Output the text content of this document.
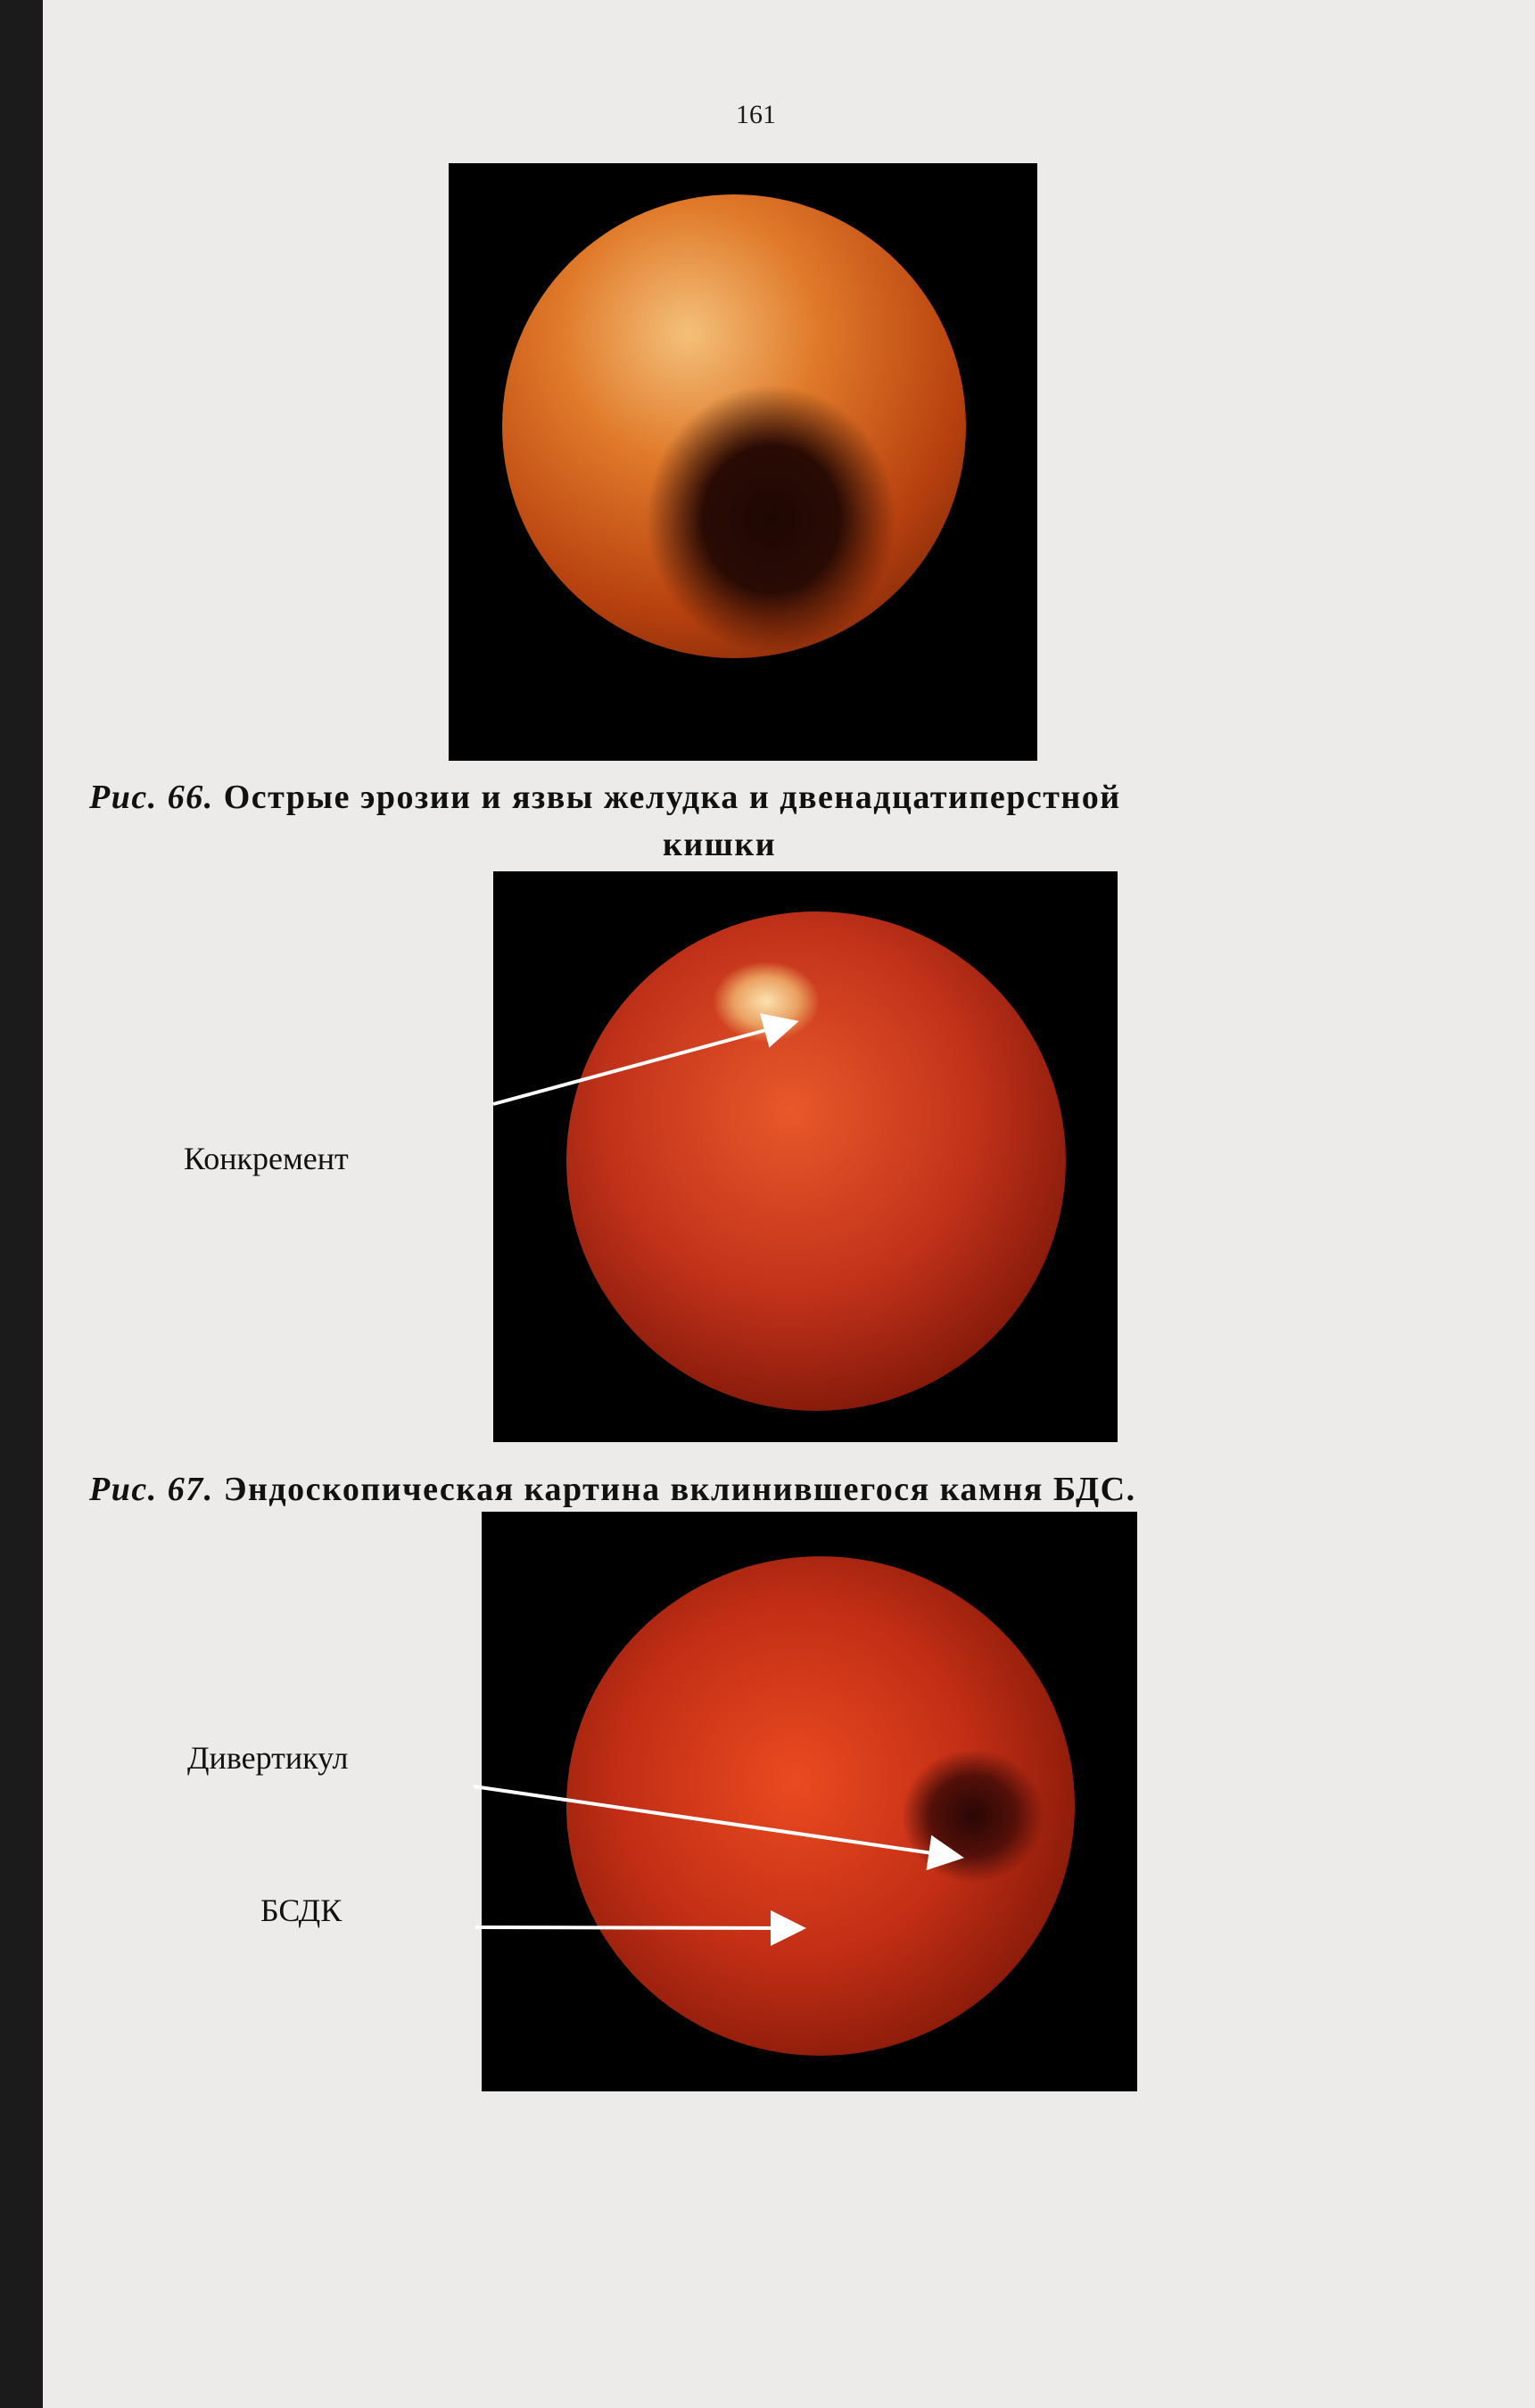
161
Рис. 66. Острые эрозии и язвы желудка и двенадцатиперстной
кишки
Конкремент
Рис. 67. Эндоскопическая картина вклинившегося камня БДС.
Дивертикул
БСДК
